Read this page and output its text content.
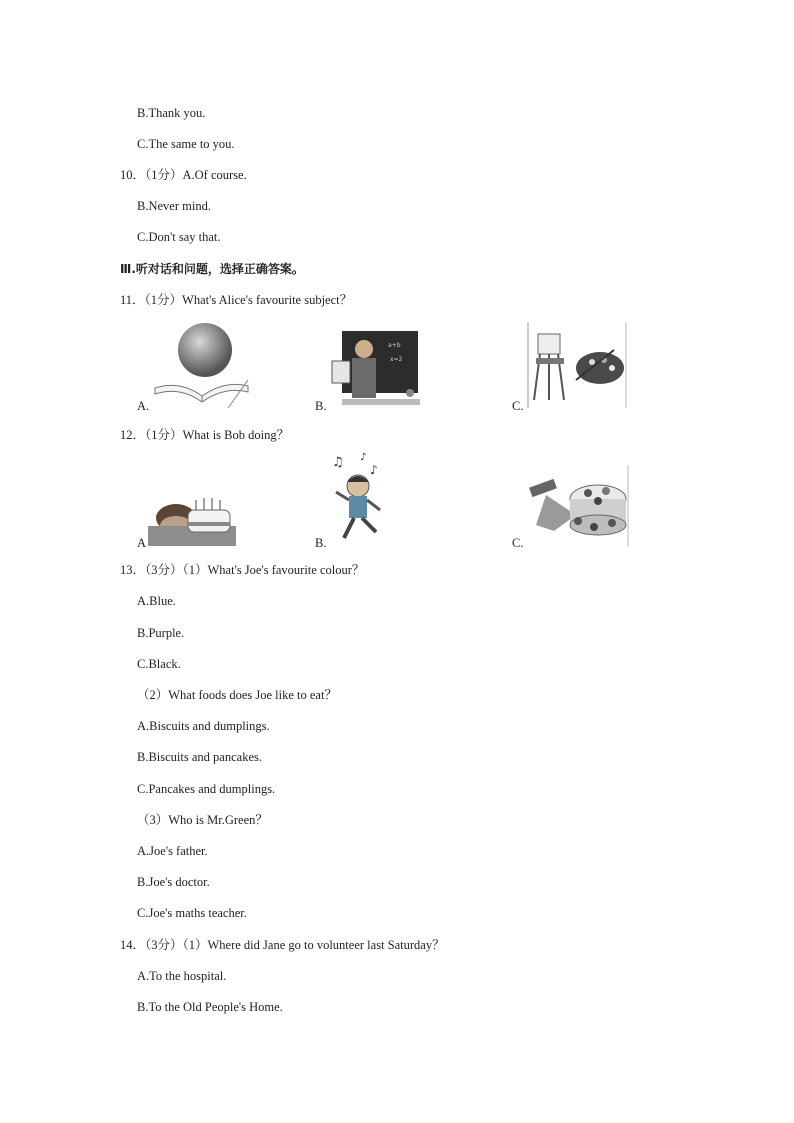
B.Thank you.
C.The same to you.
10．（1分）A.Of course.
B.Never mind.
C.Don't say that.
Ⅲ.听对话和问题，选择正确答案。
11．（1分）What's Alice's favourite subject？
A.	B.
a+b
x=2
C.
12．（1分）What is Bob doing？
A	B.
♫ ♪
♪
C.
13．（3分）（1）What's Joe's favourite colour？
A.Blue.
B.Purple.
C.Black.
（2）What foods does Joe like to eat？
A.Biscuits and dumplings.
B.Biscuits and pancakes.
C.Pancakes and dumplings.
（3）Who is Mr.Green？
A.Joe's father.
B.Joe's doctor.
C.Joe's maths teacher.
14．（3分）（1）Where did Jane go to volunteer last Saturday？
A.To the hospital.
B.To the Old People's Home.
